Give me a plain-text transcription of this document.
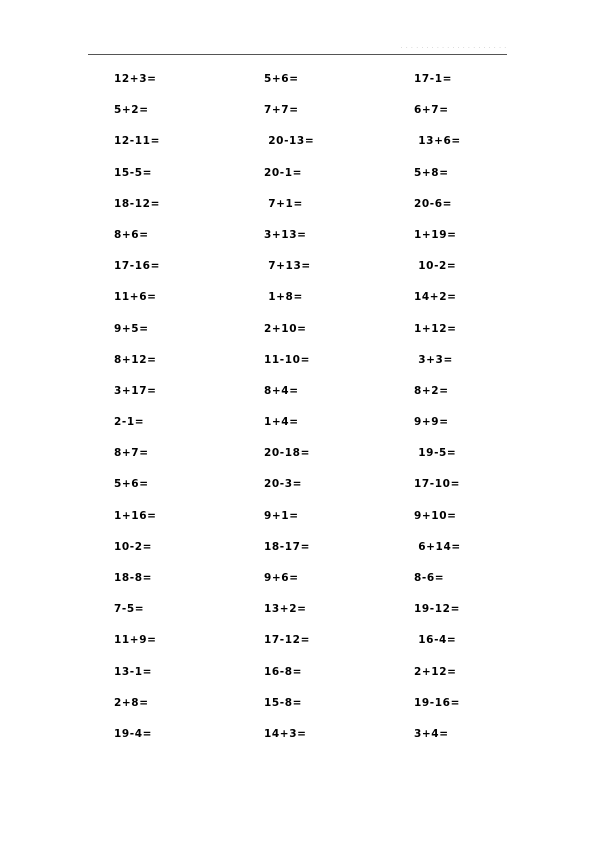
· · · · · · · · · · · · · · · · · · · · ·
12+3=	5+6=	17-1=
5+2=	7+7=	6+7=
12-11=	20-13=	13+6=
15-5=	20-1=	5+8=
18-12=	7+1=	20-6=
8+6=	3+13=	1+19=
17-16=	7+13=	10-2=
11+6=	1+8=	14+2=
9+5=	2+10=	1+12=
8+12=	11-10=	3+3=
3+17=	8+4=	8+2=
2-1=	1+4=	9+9=
8+7=	20-18=	19-5=
5+6=	20-3=	17-10=
1+16=	9+1=	9+10=
10-2=	18-17=	6+14=
18-8=	9+6=	8-6=
7-5=	13+2=	19-12=
11+9=	17-12=	16-4=
13-1=	16-8=	2+12=
2+8=	15-8=	19-16=
19-4=	14+3=	3+4=
